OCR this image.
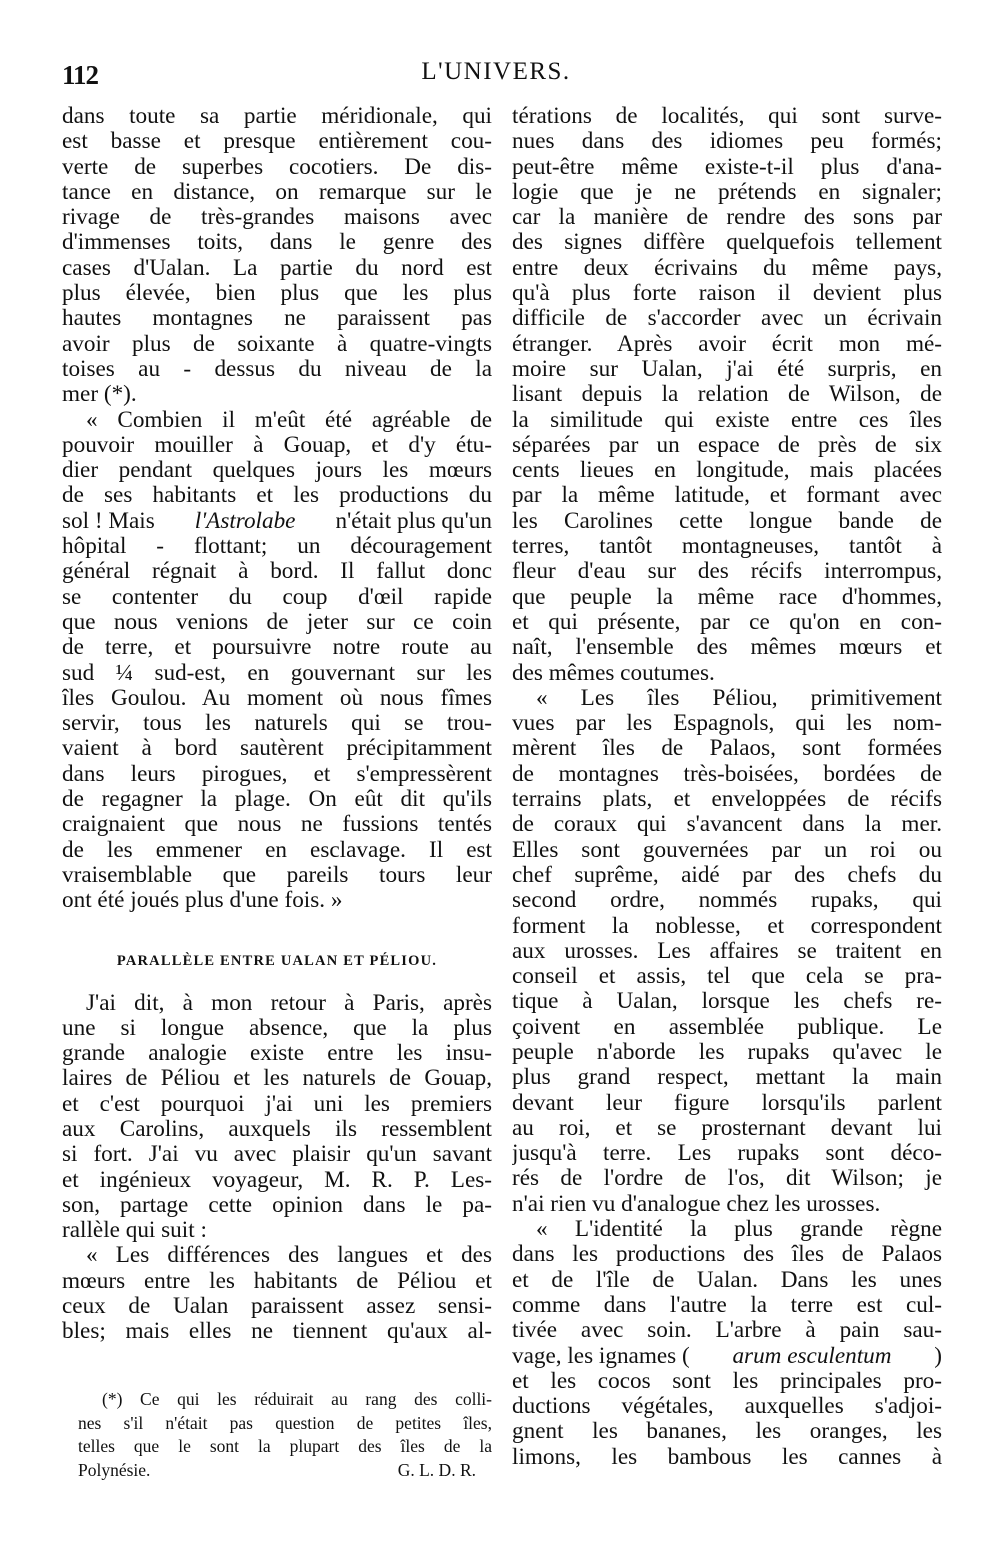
112	L'UNIVERS.
dans toute sa partie méridionale, qui
est basse et presque entièrement cou-
verte de superbes cocotiers. De dis-
tance en distance, on remarque sur le
rivage de très-grandes maisons avec
d'immenses toits, dans le genre des
cases d'Ualan. La partie du nord est
plus élevée, bien plus que les plus
hautes montagnes ne paraissent pas
avoir plus de soixante à quatre-vingts
toises au - dessus du niveau de la
mer (*).
« Combien il m'eût été agréable de
pouvoir mouiller à Gouap, et d'y étu-
dier pendant quelques jours les mœurs
de ses habitants et les productions du
sol ! Mais l'Astrolabe n'était plus qu'un
hôpital - flottant; un découragement
général régnait à bord. Il fallut donc
se contenter du coup d'œil rapide
que nous venions de jeter sur ce coin
de terre, et poursuivre notre route au
sud ¼ sud-est, en gouvernant sur les
îles Goulou. Au moment où nous fîmes
servir, tous les naturels qui se trou-
vaient à bord sautèrent précipitamment
dans leurs pirogues, et s'empressèrent
de regagner la plage. On eût dit qu'ils
craignaient que nous ne fussions tentés
de les emmener en esclavage. Il est
vraisemblable que pareils tours leur
ont été joués plus d'une fois. »
PARALLÈLE ENTRE UALAN ET PÉLIOU.
J'ai dit, à mon retour à Paris, après
une si longue absence, que la plus
grande analogie existe entre les insu-
laires de Péliou et les naturels de Gouap,
et c'est pourquoi j'ai uni les premiers
aux Carolins, auxquels ils ressemblent
si fort. J'ai vu avec plaisir qu'un savant
et ingénieux voyageur, M. R. P. Les-
son, partage cette opinion dans le pa-
rallèle qui suit :
« Les différences des langues et des
mœurs entre les habitants de Péliou et
ceux de Ualan paraissent assez sensi-
bles; mais elles ne tiennent qu'aux al-
(*) Ce qui les réduirait au rang des colli-
nes s'il n'était pas question de petites îles,
telles que le sont la plupart des îles de la
Polynésie.	G. L. D. R.
térations de localités, qui sont surve-
nues dans des idiomes peu formés;
peut-être même existe-t-il plus d'ana-
logie que je ne prétends en signaler;
car la manière de rendre des sons par
des signes diffère quelquefois tellement
entre deux écrivains du même pays,
qu'à plus forte raison il devient plus
difficile de s'accorder avec un écrivain
étranger. Après avoir écrit mon mé-
moire sur Ualan, j'ai été surpris, en
lisant depuis la relation de Wilson, de
la similitude qui existe entre ces îles
séparées par un espace de près de six
cents lieues en longitude, mais placées
par la même latitude, et formant avec
les Carolines cette longue bande de
terres, tantôt montagneuses, tantôt à
fleur d'eau sur des récifs interrompus,
que peuple la même race d'hommes,
et qui présente, par ce qu'on en con-
naît, l'ensemble des mêmes mœurs et
des mêmes coutumes.
« Les îles Péliou, primitivement
vues par les Espagnols, qui les nom-
mèrent îles de Palaos, sont formées
de montagnes très-boisées, bordées de
terrains plats, et enveloppées de récifs
de coraux qui s'avancent dans la mer.
Elles sont gouvernées par un roi ou
chef suprême, aidé par des chefs du
second ordre, nommés rupaks, qui
forment la noblesse, et correspondent
aux urosses. Les affaires se traitent en
conseil et assis, tel que cela se pra-
tique à Ualan, lorsque les chefs re-
çoivent en assemblée publique. Le
peuple n'aborde les rupaks qu'avec le
plus grand respect, mettant la main
devant leur figure lorsqu'ils parlent
au roi, et se prosternant devant lui
jusqu'à terre. Les rupaks sont déco-
rés de l'ordre de l'os, dit Wilson; je
n'ai rien vu d'analogue chez les urosses.
« L'identité la plus grande règne
dans les productions des îles de Palaos
et de l'île de Ualan. Dans les unes
comme dans l'autre la terre est cul-
tivée avec soin. L'arbre à pain sau-
vage, les ignames ( arum esculentum )
et les cocos sont les principales pro-
ductions végétales, auxquelles s'adjoi-
gnent les bananes, les oranges, les
limons, les bambous les cannes à
